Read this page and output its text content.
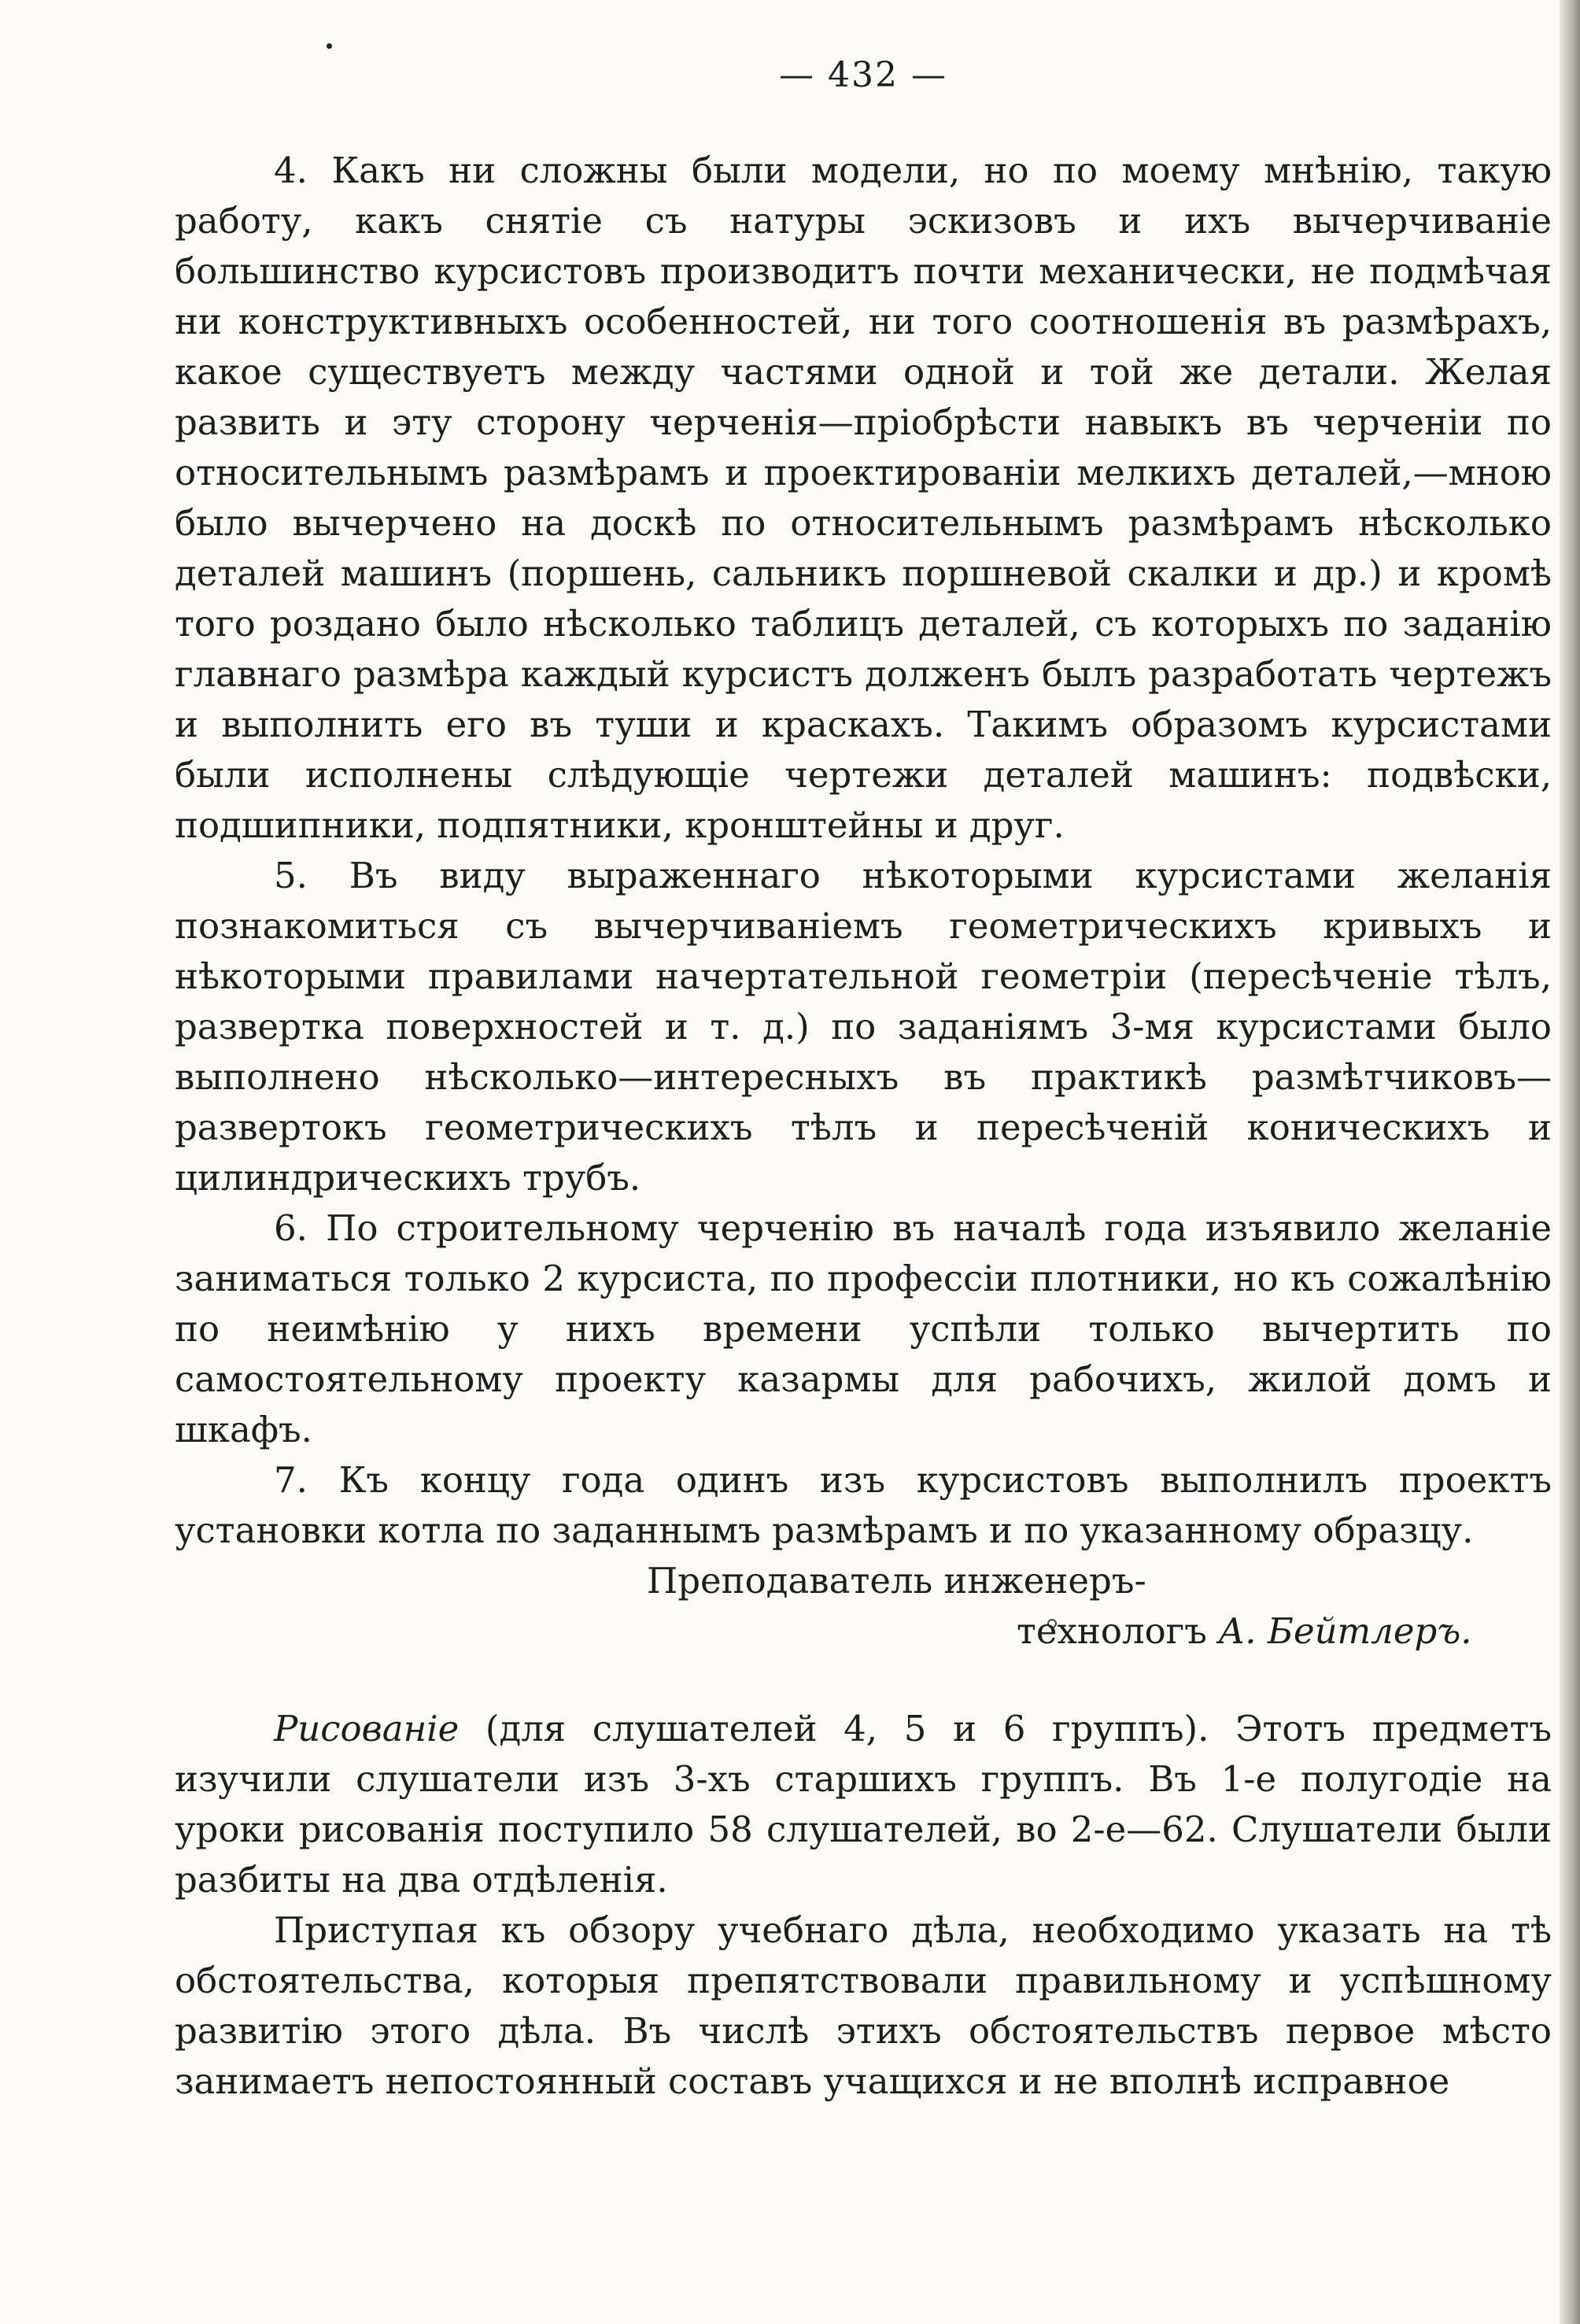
— 432 —

4. Какъ ни сложны были модели, но по моему мнѣнію, такую работу, какъ снятіе съ натуры эскизовъ и ихъ вычерчиваніе большинство курсистовъ производитъ почти механически, не подмѣчая ни конструктивныхъ особенностей, ни того соотношенія въ размѣрахъ, какое существуетъ между частями одной и той же детали. Желая развить и эту сторону черченія—пріобрѣсти навыкъ въ черченіи по относительнымъ размѣрамъ и проектированіи мелкихъ деталей,—мною было вычерчено на доскѣ по относительнымъ размѣрамъ нѣсколько деталей машинъ (поршень, сальникъ поршневой скалки и др.) и кромѣ того роздано было нѣсколько таблицъ деталей, съ которыхъ по заданію главнаго размѣра каждый курсистъ долженъ былъ разработать чертежъ и выполнить его въ туши и краскахъ. Такимъ образомъ курсистами были исполнены слѣдующіе чертежи деталей машинъ: подвѣски, подшипники, подпятники, кронштейны и друг.

5. Въ виду выраженнаго нѣкоторыми курсистами желанія познакомиться съ вычерчиваніемъ геометрическихъ кривыхъ и нѣкоторыми правилами начертательной геометріи (пересѣченіе тѣлъ, развертка поверхностей и т. д.) по заданіямъ 3-мя курсистами было выполнено нѣсколько—интересныхъ въ практикѣ размѣтчиковъ—развертокъ геометрическихъ тѣлъ и пересѣченій коническихъ и цилиндрическихъ трубъ.

6. По строительному черченію въ началѣ года изъявило желаніе заниматься только 2 курсиста, по профессіи плотники, но къ сожалѣнію по неимѣнію у нихъ времени успѣли только вычертить по самостоятельному проекту казармы для рабочихъ, жилой домъ и шкафъ.

7. Къ концу года одинъ изъ курсистовъ выполнилъ проектъ установки котла по заданнымъ размѣрамъ и по указанному образцу.

Преподаватель инженеръ-
технологъ А. Бейтлеръ.

Рисованіе (для слушателей 4, 5 и 6 группъ). Этотъ предметъ изучили слушатели изъ 3-хъ старшихъ группъ. Въ 1-е полугодіе на уроки рисованія поступило 58 слушателей, во 2-е—62. Слушатели были разбиты на два отдѣленія.

Приступая къ обзору учебнаго дѣла, необходимо указать на тѣ обстоятельства, которыя препятствовали правильному и успѣшному развитію этого дѣла. Въ числѣ этихъ обстоятельствъ первое мѣсто занимаетъ непостоянный составъ учащихся и не вполнѣ исправное
